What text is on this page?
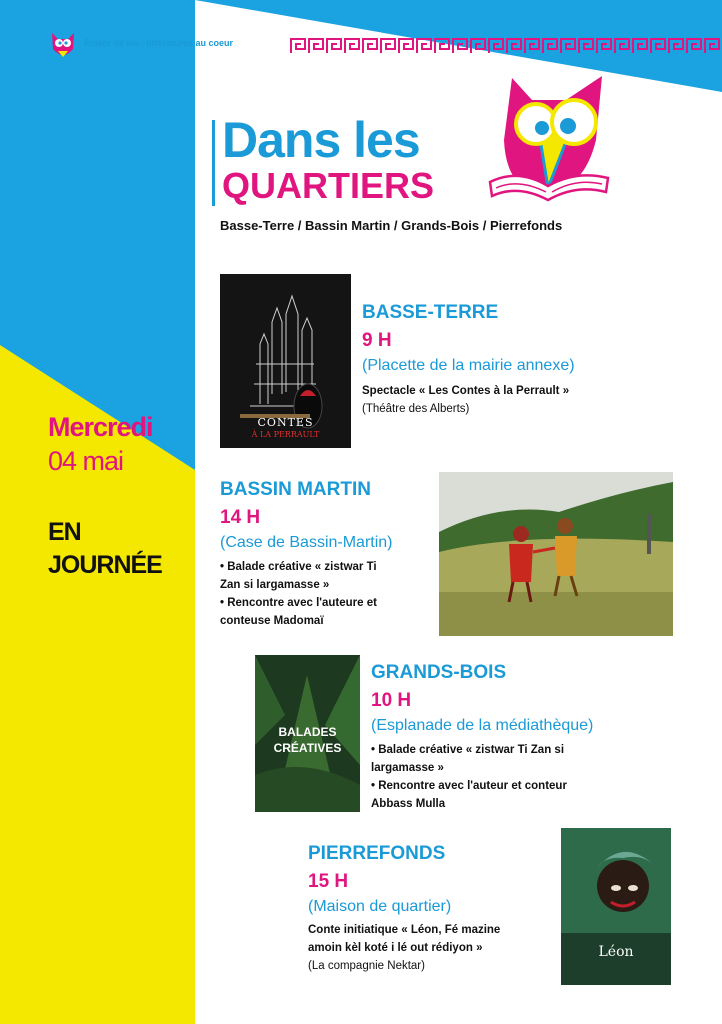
Éclats de vie : littératures au coeur
Dans les
QUARTIERS
Basse-Terre / Bassin Martin / Grands-Bois / Pierrefonds
Mercredi
04 mai
EN
JOURNÉE
CONTES
À LA PERRAULT
BASSE-TERRE
9 H
(Placette de la mairie annexe)
Spectacle « Les Contes à la Perrault »
(Théâtre des Alberts)
BASSIN MARTIN
14 H
(Case de Bassin-Martin)
• Balade créative « zistwar Ti
Zan si largamasse »
• Rencontre avec l'auteure et
conteuse Madomaï
BALADES
CRÉATIVES
GRANDS-BOIS
10 H
(Esplanade de la médiathèque)
• Balade créative « zistwar Ti Zan si
largamasse »
• Rencontre avec l'auteur et conteur
Abbass Mulla
PIERREFONDS
15 H
(Maison de quartier)
Conte initiatique « Léon, Fé mazine
amoin kèl koté i lé out rédiyon »
(La compagnie Nektar)
Léon
